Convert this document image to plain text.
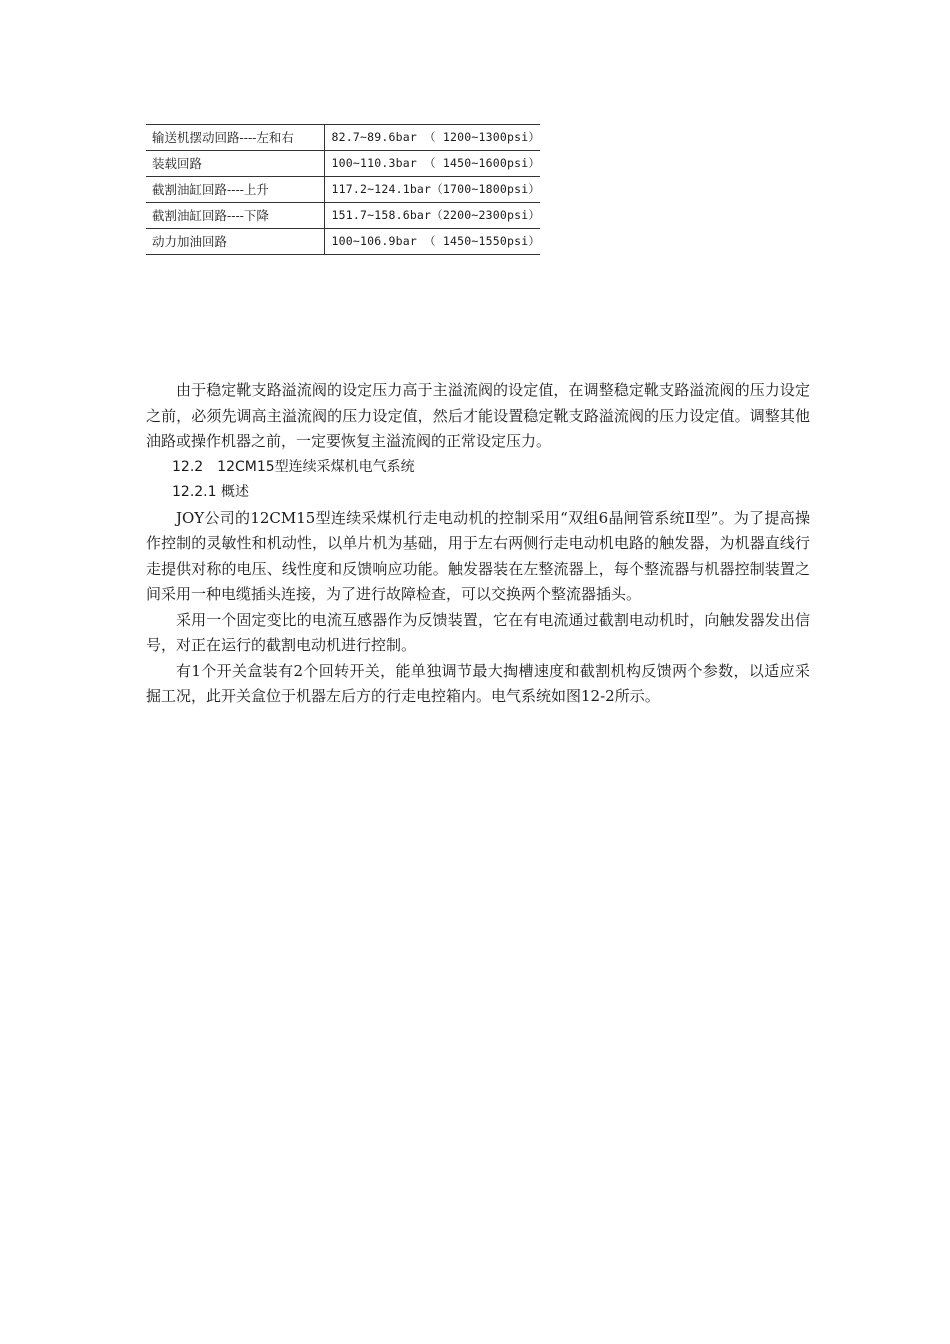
输送机摆动回路----左和右	82.7~89.6bar （ 1200~1300psi）
装载回路	100~110.3bar （ 1450~1600psi）
截割油缸回路----上升	117.2~124.1bar（1700~1800psi）
截割油缸回路----下降	151.7~158.6bar（2200~2300psi）
动力加油回路	100~106.9bar （ 1450~1550psi）

由于稳定靴支路溢流阀的设定压力高于主溢流阀的设定值，在调整稳定靴支路溢流阀的压力设定之前，必须先调高主溢流阀的压力设定值，然后才能设置稳定靴支路溢流阀的压力设定值。调整其他油路或操作机器之前，一定要恢复主溢流阀的正常设定压力。

12.2　12CM15型连续采煤机电气系统
12.2.1 概述

JOY公司的12CM15型连续采煤机行走电动机的控制采用“双组6晶闸管系统Ⅱ型”。为了提高操作控制的灵敏性和机动性，以单片机为基础，用于左右两侧行走电动机电路的触发器，为机器直线行走提供对称的电压、线性度和反馈响应功能。触发器装在左整流器上，每个整流器与机器控制装置之间采用一种电缆插头连接，为了进行故障检查，可以交换两个整流器插头。

采用一个固定变比的电流互感器作为反馈装置，它在有电流通过截割电动机时，向触发器发出信号，对正在运行的截割电动机进行控制。

有1个开关盒装有2个回转开关，能单独调节最大掏槽速度和截割机构反馈两个参数，以适应采掘工况，此开关盒位于机器左后方的行走电控箱内。电气系统如图12-2所示。
